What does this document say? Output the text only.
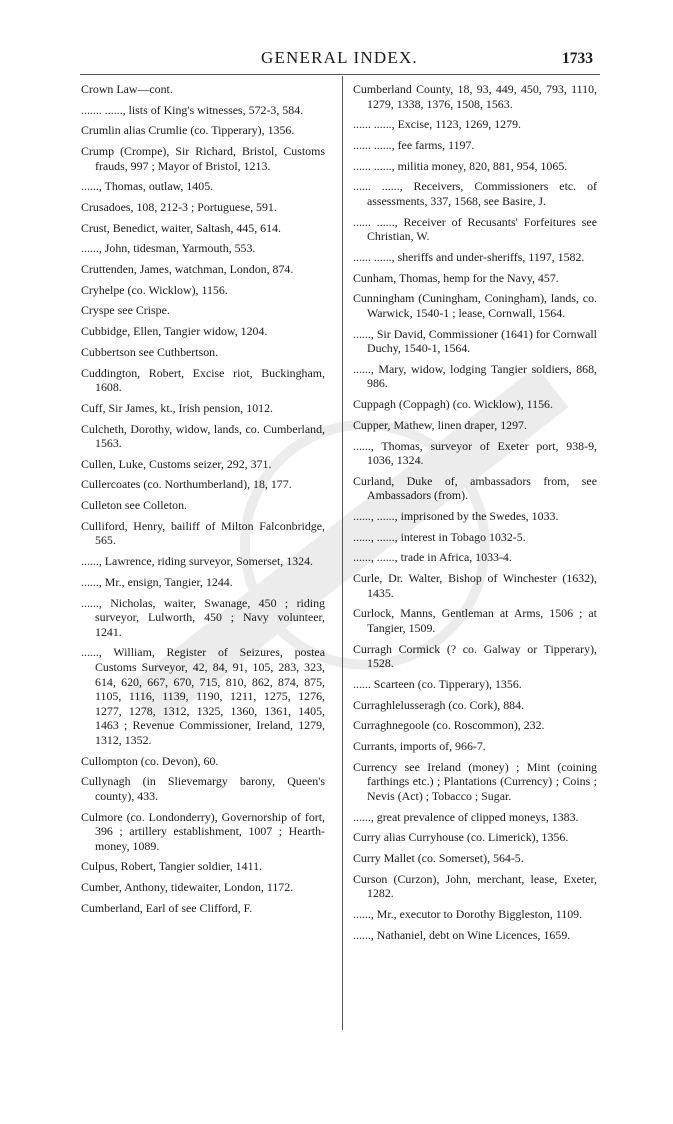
GENERAL INDEX.	1733

Crown Law—cont.

....... ......, lists of King's witnesses, 572-3, 584.

Crumlin alias Crumlie (co. Tipperary), 1356.

Crump (Crompe), Sir Richard, Bristol, Customs frauds, 997 ; Mayor of Bristol, 1213.

......, Thomas, outlaw, 1405.

Crusadoes, 108, 212-3 ; Portuguese, 591.

Crust, Benedict, waiter, Saltash, 445, 614.

......, John, tidesman, Yarmouth, 553.

Cruttenden, James, watchman, London, 874.

Cryhelpe (co. Wicklow), 1156.

Cryspe see Crispe.

Cubbidge, Ellen, Tangier widow, 1204.

Cubbertson see Cuthbertson.

Cuddington, Robert, Excise riot, Buckingham, 1608.

Cuff, Sir James, kt., Irish pension, 1012.

Culcheth, Dorothy, widow, lands, co. Cumberland, 1563.

Cullen, Luke, Customs seizer, 292, 371.

Cullercoates (co. Northumberland), 18, 177.

Culleton see Colleton.

Culliford, Henry, bailiff of Milton Falconbridge, 565.

......, Lawrence, riding surveyor, Somerset, 1324.

......, Mr., ensign, Tangier, 1244.

......, Nicholas, waiter, Swanage, 450 ; riding surveyor, Lulworth, 450 ; Navy volunteer, 1241.

......, William, Register of Seizures, postea Customs Surveyor, 42, 84, 91, 105, 283, 323, 614, 620, 667, 670, 715, 810, 862, 874, 875, 1105, 1116, 1139, 1190, 1211, 1275, 1276, 1277, 1278, 1312, 1325, 1360, 1361, 1405, 1463 ; Revenue Commissioner, Ireland, 1279, 1312, 1352.

Cullompton (co. Devon), 60.

Cullynagh (in Slievemargy barony, Queen's county), 433.

Culmore (co. Londonderry), Governorship of fort, 396 ; artillery establishment, 1007 ; Hearth-money, 1089.

Culpus, Robert, Tangier soldier, 1411.

Cumber, Anthony, tidewaiter, London, 1172.

Cumberland, Earl of see Clifford, F.

Cumberland County, 18, 93, 449, 450, 793, 1110, 1279, 1338, 1376, 1508, 1563.

...... ......, Excise, 1123, 1269, 1279.

...... ......, fee farms, 1197.

...... ......, militia money, 820, 881, 954, 1065.

...... ......, Receivers, Commissioners etc. of assessments, 337, 1568, see Basire, J.

...... ......, Receiver of Recusants' Forfeitures see Christian, W.

...... ......, sheriffs and under-sheriffs, 1197, 1582.

Cunham, Thomas, hemp for the Navy, 457.

Cunningham (Cuningham, Coningham), lands, co. Warwick, 1540-1 ; lease, Cornwall, 1564.

......, Sir David, Commissioner (1641) for Cornwall Duchy, 1540-1, 1564.

......, Mary, widow, lodging Tangier soldiers, 868, 986.

Cuppagh (Coppagh) (co. Wicklow), 1156.

Cupper, Mathew, linen draper, 1297.

......, Thomas, surveyor of Exeter port, 938-9, 1036, 1324.

Curland, Duke of, ambassadors from, see Ambassadors (from).

......, ......, imprisoned by the Swedes, 1033.

......, ......, interest in Tobago 1032-5.

......, ......, trade in Africa, 1033-4.

Curle, Dr. Walter, Bishop of Winchester (1632), 1435.

Curlock, Manns, Gentleman at Arms, 1506 ; at Tangier, 1509.

Curragh Cormick (? co. Galway or Tipperary), 1528.

...... Scarteen (co. Tipperary), 1356.

Curraghlelusseragh (co. Cork), 884.

Curraghnegoole (co. Roscommon), 232.

Currants, imports of, 966-7.

Currency see Ireland (money) ; Mint (coining farthings etc.) ; Plantations (Currency) ; Coins ; Nevis (Act) ; Tobacco ; Sugar.

......, great prevalence of clipped moneys, 1383.

Curry alias Curryhouse (co. Limerick), 1356.

Curry Mallet (co. Somerset), 564-5.

Curson (Curzon), John, merchant, lease, Exeter, 1282.

......, Mr., executor to Dorothy Biggleston, 1109.

......, Nathaniel, debt on Wine Licences, 1659.
